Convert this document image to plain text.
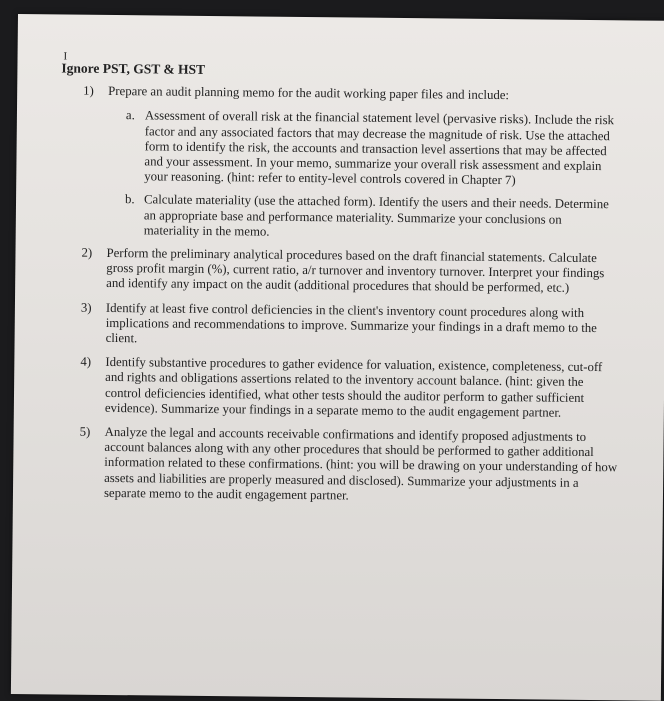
I
Ignore PST, GST & HST
1) Prepare an audit planning memo for the audit working paper files and include:
a. Assessment of overall risk at the financial statement level (pervasive risks). Include the risk factor and any associated factors that may decrease the magnitude of risk. Use the attached form to identify the risk, the accounts and transaction level assertions that may be affected and your assessment. In your memo, summarize your overall risk assessment and explain your reasoning. (hint: refer to entity-level controls covered in Chapter 7)
b. Calculate materiality (use the attached form). Identify the users and their needs. Determine an appropriate base and performance materiality. Summarize your conclusions on materiality in the memo.
2) Perform the preliminary analytical procedures based on the draft financial statements. Calculate gross profit margin (%), current ratio, a/r turnover and inventory turnover. Interpret your findings and identify any impact on the audit (additional procedures that should be performed, etc.)
3) Identify at least five control deficiencies in the client's inventory count procedures along with implications and recommendations to improve. Summarize your findings in a draft memo to the client.
4) Identify substantive procedures to gather evidence for valuation, existence, completeness, cut-off and rights and obligations assertions related to the inventory account balance. (hint: given the control deficiencies identified, what other tests should the auditor perform to gather sufficient evidence). Summarize your findings in a separate memo to the audit engagement partner.
5) Analyze the legal and accounts receivable confirmations and identify proposed adjustments to account balances along with any other procedures that should be performed to gather additional information related to these confirmations. (hint: you will be drawing on your understanding of how assets and liabilities are properly measured and disclosed). Summarize your adjustments in a separate memo to the audit engagement partner.
